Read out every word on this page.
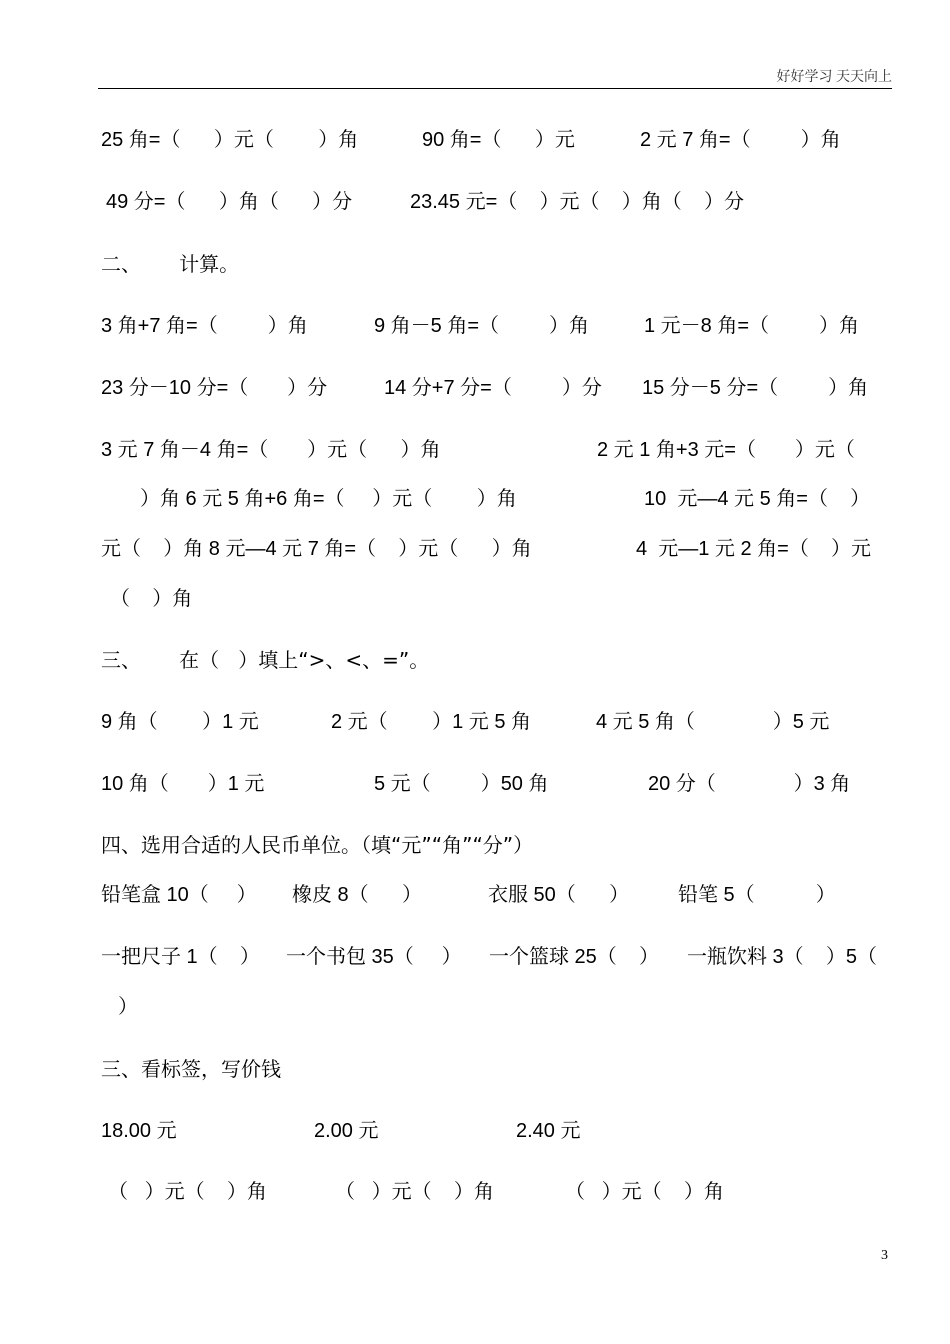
好好学习 天天向上
25 角=（      ）元（        ）角	90 角=（      ）元	2 元 7 角=（         ）角
49 分=（      ）角（      ）分	23.45 元=（    ）元（    ）角（    ）分
二、      计算。
3 角+7 角=（         ）角	9 角－5 角=（         ）角	1 元－8 角=（         ）角
23 分－10 分=（       ）分	14 分+7 分=（         ）分 15 分－5 分=（         ）角
3 元 7 角－4 角=（       ）元（      ）角	2 元 1 角+3 元=（       ）元（
）角 6 元 5 角+6 角=（     ）元（        ）角	10  元—4 元 5 角=（    ）
元（    ）角 8 元—4 元 7 角=（    ）元（      ）角	4  元—1 元 2 角=（    ）元
（    ）角
三、      在（   ）填上“>、<、=”。
9 角（        ）1 元	2 元（        ）1 元 5 角	4 元 5 角（              ）5 元
10 角（       ）1 元	5 元（         ）50 角	20 分（              ）3 角
四、选用合适的人民币单位。（填“元”“角”“分”）
铅笔盒 10（     ） 橡皮 8（      ）	衣服 50（      ） 铅笔 5（           ）
一把尺子 1（    ） 一个书包 35（     ） 一个篮球 25（    ） 一瓶饮料 3（    ）5（
）
三、看标签，写价钱
18.00 元	2.00 元	2.40 元
（   ）元（    ）角	（   ）元（    ）角	（   ）元（    ）角
3
